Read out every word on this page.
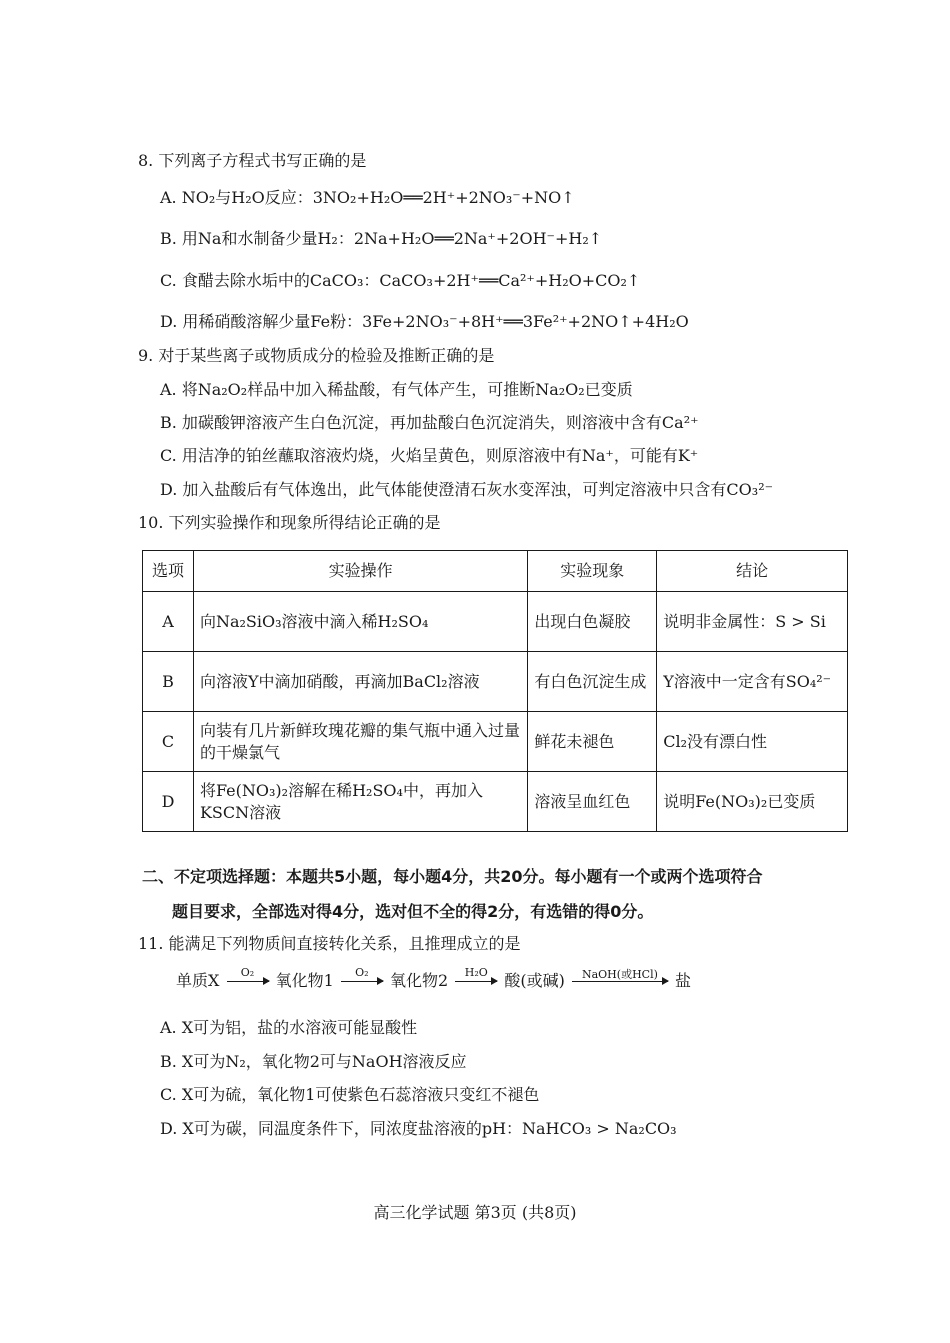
8. 下列离子方程式书写正确的是
A. NO₂与H₂O反应：3NO₂+H₂O══2H⁺+2NO₃⁻+NO↑
B. 用Na和水制备少量H₂：2Na+H₂O══2Na⁺+2OH⁻+H₂↑
C. 食醋去除水垢中的CaCO₃：CaCO₃+2H⁺══Ca²⁺+H₂O+CO₂↑
D. 用稀硝酸溶解少量Fe粉：3Fe+2NO₃⁻+8H⁺══3Fe²⁺+2NO↑+4H₂O
9. 对于某些离子或物质成分的检验及推断正确的是
A. 将Na₂O₂样品中加入稀盐酸，有气体产生，可推断Na₂O₂已变质
B. 加碳酸钾溶液产生白色沉淀，再加盐酸白色沉淀消失，则溶液中含有Ca²⁺
C. 用洁净的铂丝蘸取溶液灼烧，火焰呈黄色，则原溶液中有Na⁺，可能有K⁺
D. 加入盐酸后有气体逸出，此气体能使澄清石灰水变浑浊，可判定溶液中只含有CO₃²⁻
10. 下列实验操作和现象所得结论正确的是
选项	实验操作	实验现象	结论
A	向Na₂SiO₃溶液中滴入稀H₂SO₄	出现白色凝胶	说明非金属性：S > Si
B	向溶液Y中滴加硝酸，再滴加BaCl₂溶液	有白色沉淀生成	Y溶液中一定含有SO₄²⁻
C	向装有几片新鲜玫瑰花瓣的集气瓶中通入过量的干燥氯气	鲜花未褪色	Cl₂没有漂白性
D	将Fe(NO₃)₂溶解在稀H₂SO₄中，再加入KSCN溶液	溶液呈血红色	说明Fe(NO₃)₂已变质
二、不定项选择题：本题共5小题，每小题4分，共20分。每小题有一个或两个选项符合
题目要求，全部选对得4分，选对但不全的得2分，有选错的得0分。
11. 能满足下列物质间直接转化关系，且推理成立的是
单质X	O₂	氧化物1	O₂	氧化物2	H₂O	酸(或碱)	NaOH(或HCl)	盐
A. X可为铝，盐的水溶液可能显酸性
B. X可为N₂，氧化物2可与NaOH溶液反应
C. X可为硫，氧化物1可使紫色石蕊溶液只变红不褪色
D. X可为碳，同温度条件下，同浓度盐溶液的pH：NaHCO₃ > Na₂CO₃
高三化学试题 第3页 (共8页)
